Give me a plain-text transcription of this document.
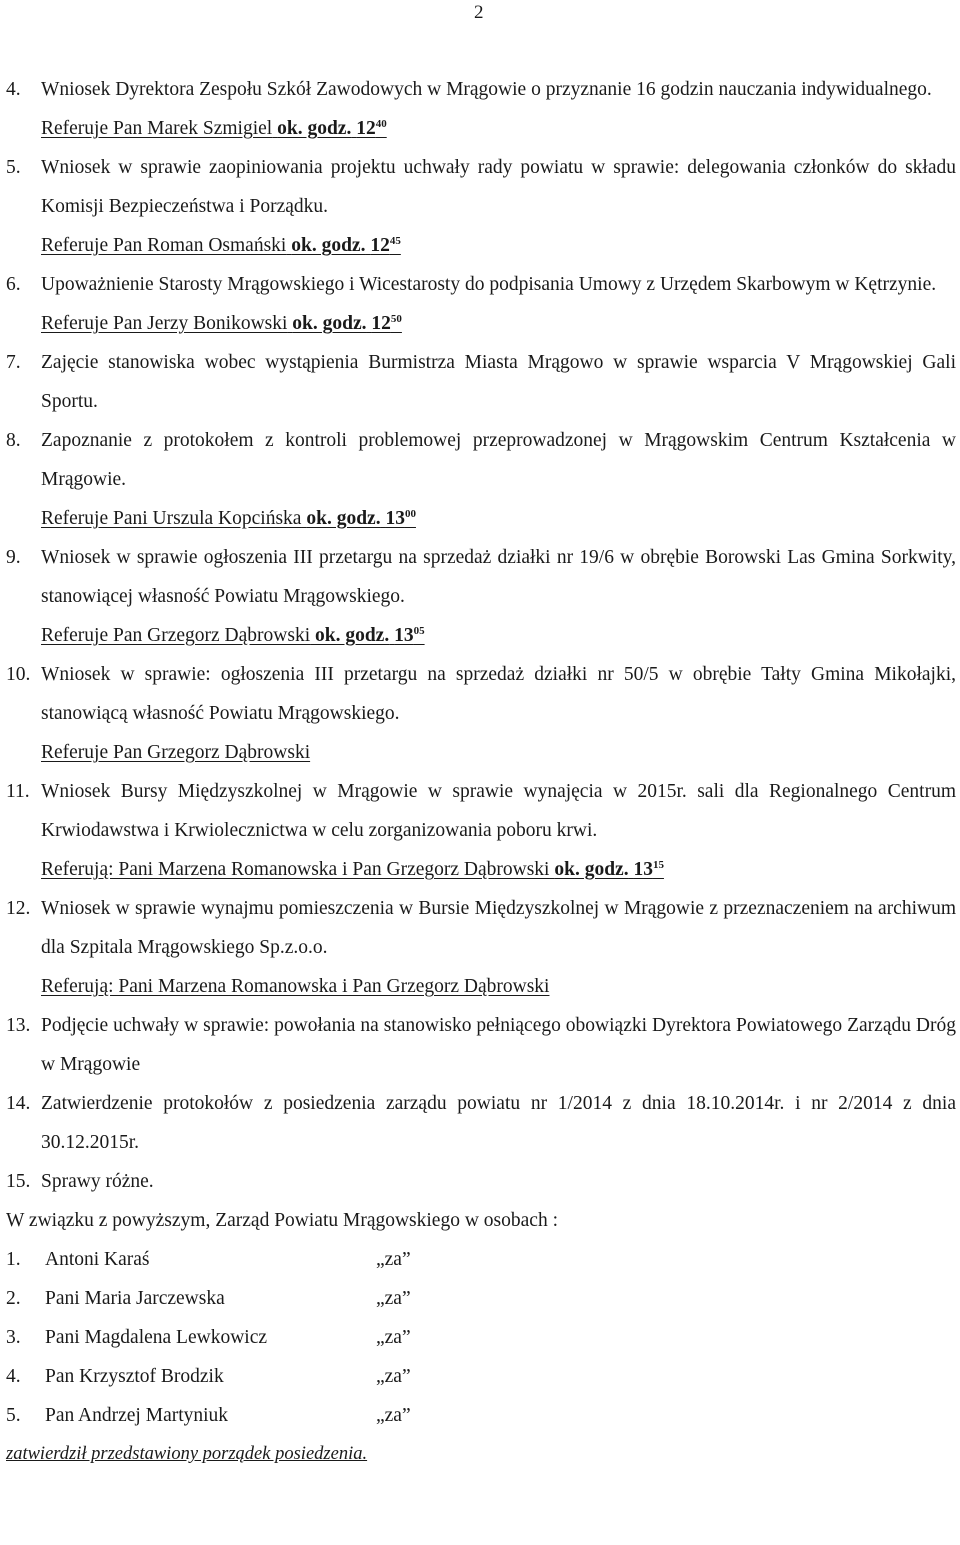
2
4. Wniosek Dyrektora Zespołu Szkół Zawodowych w Mrągowie o przyznanie 16 godzin nauczania indywidualnego.
Referuje Pan Marek Szmigiel ok. godz. $12^{40}$
5. Wniosek w sprawie zaopiniowania projektu uchwały rady powiatu w sprawie: delegowania członków do składu Komisji Bezpieczeństwa i Porządku.
Referuje Pan Roman Osmański ok. godz. $12^{45}$
6. Upoważnienie Starosty Mrągowskiego i Wicestarosty do podpisania Umowy z Urzędem Skarbowym w Kętrzynie.
Referuje Pan Jerzy Bonikowski ok. godz. $12^{50}$
7. Zajęcie stanowiska wobec wystąpienia Burmistrza Miasta Mrągowo w sprawie wsparcia V Mrągowskiej Gali Sportu.
8. Zapoznanie z protokołem z kontroli problemowej przeprowadzonej w Mrągowskim Centrum Kształcenia w Mrągowie.
Referuje Pani Urszula Kopcińska ok. godz. $13^{00}$
9. Wniosek w sprawie ogłoszenia III przetargu na sprzedaż działki nr 19/6 w obrębie Borowski Las Gmina Sorkwity, stanowiącej własność Powiatu Mrągowskiego.
Referuje Pan Grzegorz Dąbrowski ok. godz. $13^{05}$
10. Wniosek w sprawie: ogłoszenia III przetargu na sprzedaż działki nr 50/5 w obrębie Tałty Gmina Mikołajki, stanowiącą własność Powiatu Mrągowskiego.
Referuje Pan Grzegorz Dąbrowski
11. Wniosek Bursy Międzyszkolnej w Mrągowie w sprawie wynajęcia w 2015r. sali dla Regionalnego Centrum Krwiodawstwa i Krwiolecznictwa w celu zorganizowania poboru krwi.
Referują: Pani Marzena Romanowska i Pan Grzegorz Dąbrowski ok. godz. $13^{15}$
12. Wniosek w sprawie wynajmu pomieszczenia w Bursie Międzyszkolnej w Mrągowie z przeznaczeniem na archiwum dla Szpitala Mrągowskiego Sp.z.o.o.
Referują: Pani Marzena Romanowska i Pan Grzegorz Dąbrowski
13. Podjęcie uchwały w sprawie: powołania na stanowisko pełniącego obowiązki Dyrektora Powiatowego Zarządu Dróg w Mrągowie
14. Zatwierdzenie protokołów z posiedzenia zarządu powiatu nr 1/2014 z dnia 18.10.2014r. i nr 2/2014 z dnia 30.12.2015r.
15. Sprawy różne.
W związku z powyższym, Zarząd Powiatu Mrągowskiego w osobach :
1. Antoni Karaś	„za”
2. Pani Maria Jarczewska	„za”
3. Pani Magdalena Lewkowicz	„za”
4. Pan Krzysztof Brodzik	„za”
5. Pan Andrzej Martyniuk	„za”
zatwierdził przedstawiony porządek posiedzenia.
